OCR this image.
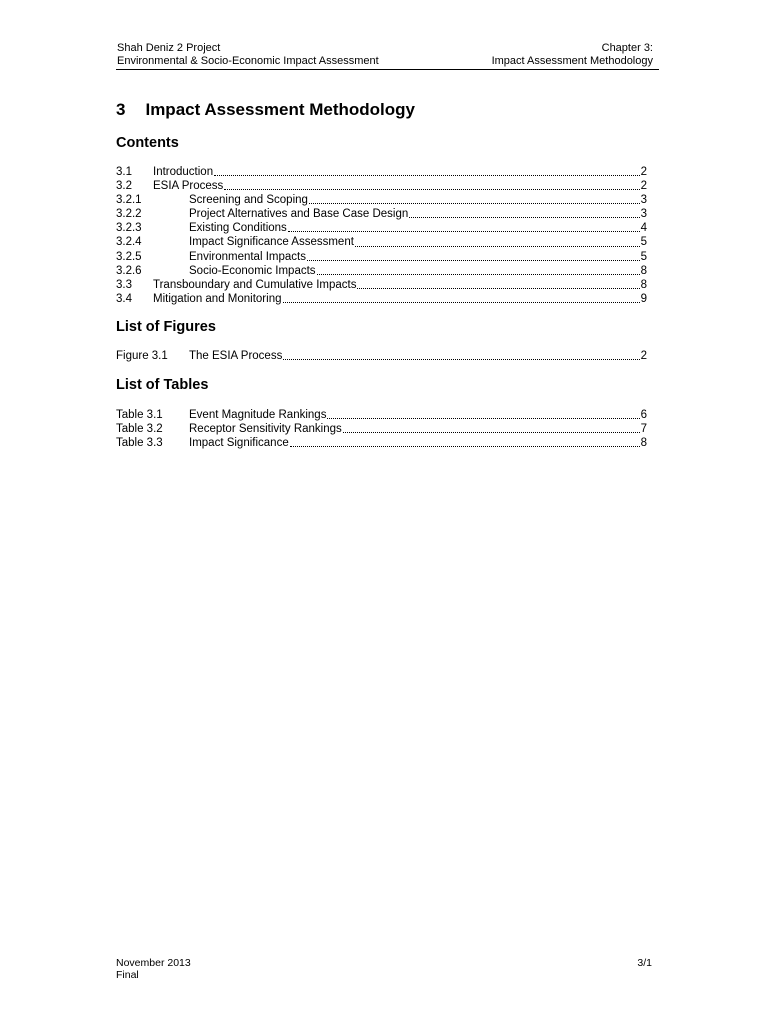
Shah Deniz 2 Project	Chapter 3:
Environmental & Socio-Economic Impact Assessment	Impact Assessment Methodology
3 Impact Assessment Methodology
Contents
3.1	Introduction	2
3.2	ESIA Process	2
3.2.1	Screening and Scoping	3
3.2.2	Project Alternatives and Base Case Design	3
3.2.3	Existing Conditions	4
3.2.4	Impact Significance Assessment	5
3.2.5	Environmental Impacts	5
3.2.6	Socio-Economic Impacts	8
3.3	Transboundary and Cumulative Impacts	8
3.4	Mitigation and Monitoring	9
List of Figures
Figure 3.1	The ESIA Process	2
List of Tables
Table 3.1	Event Magnitude Rankings	6
Table 3.2	Receptor Sensitivity Rankings	7
Table 3.3	Impact Significance	8
November 2013	3/1
Final
